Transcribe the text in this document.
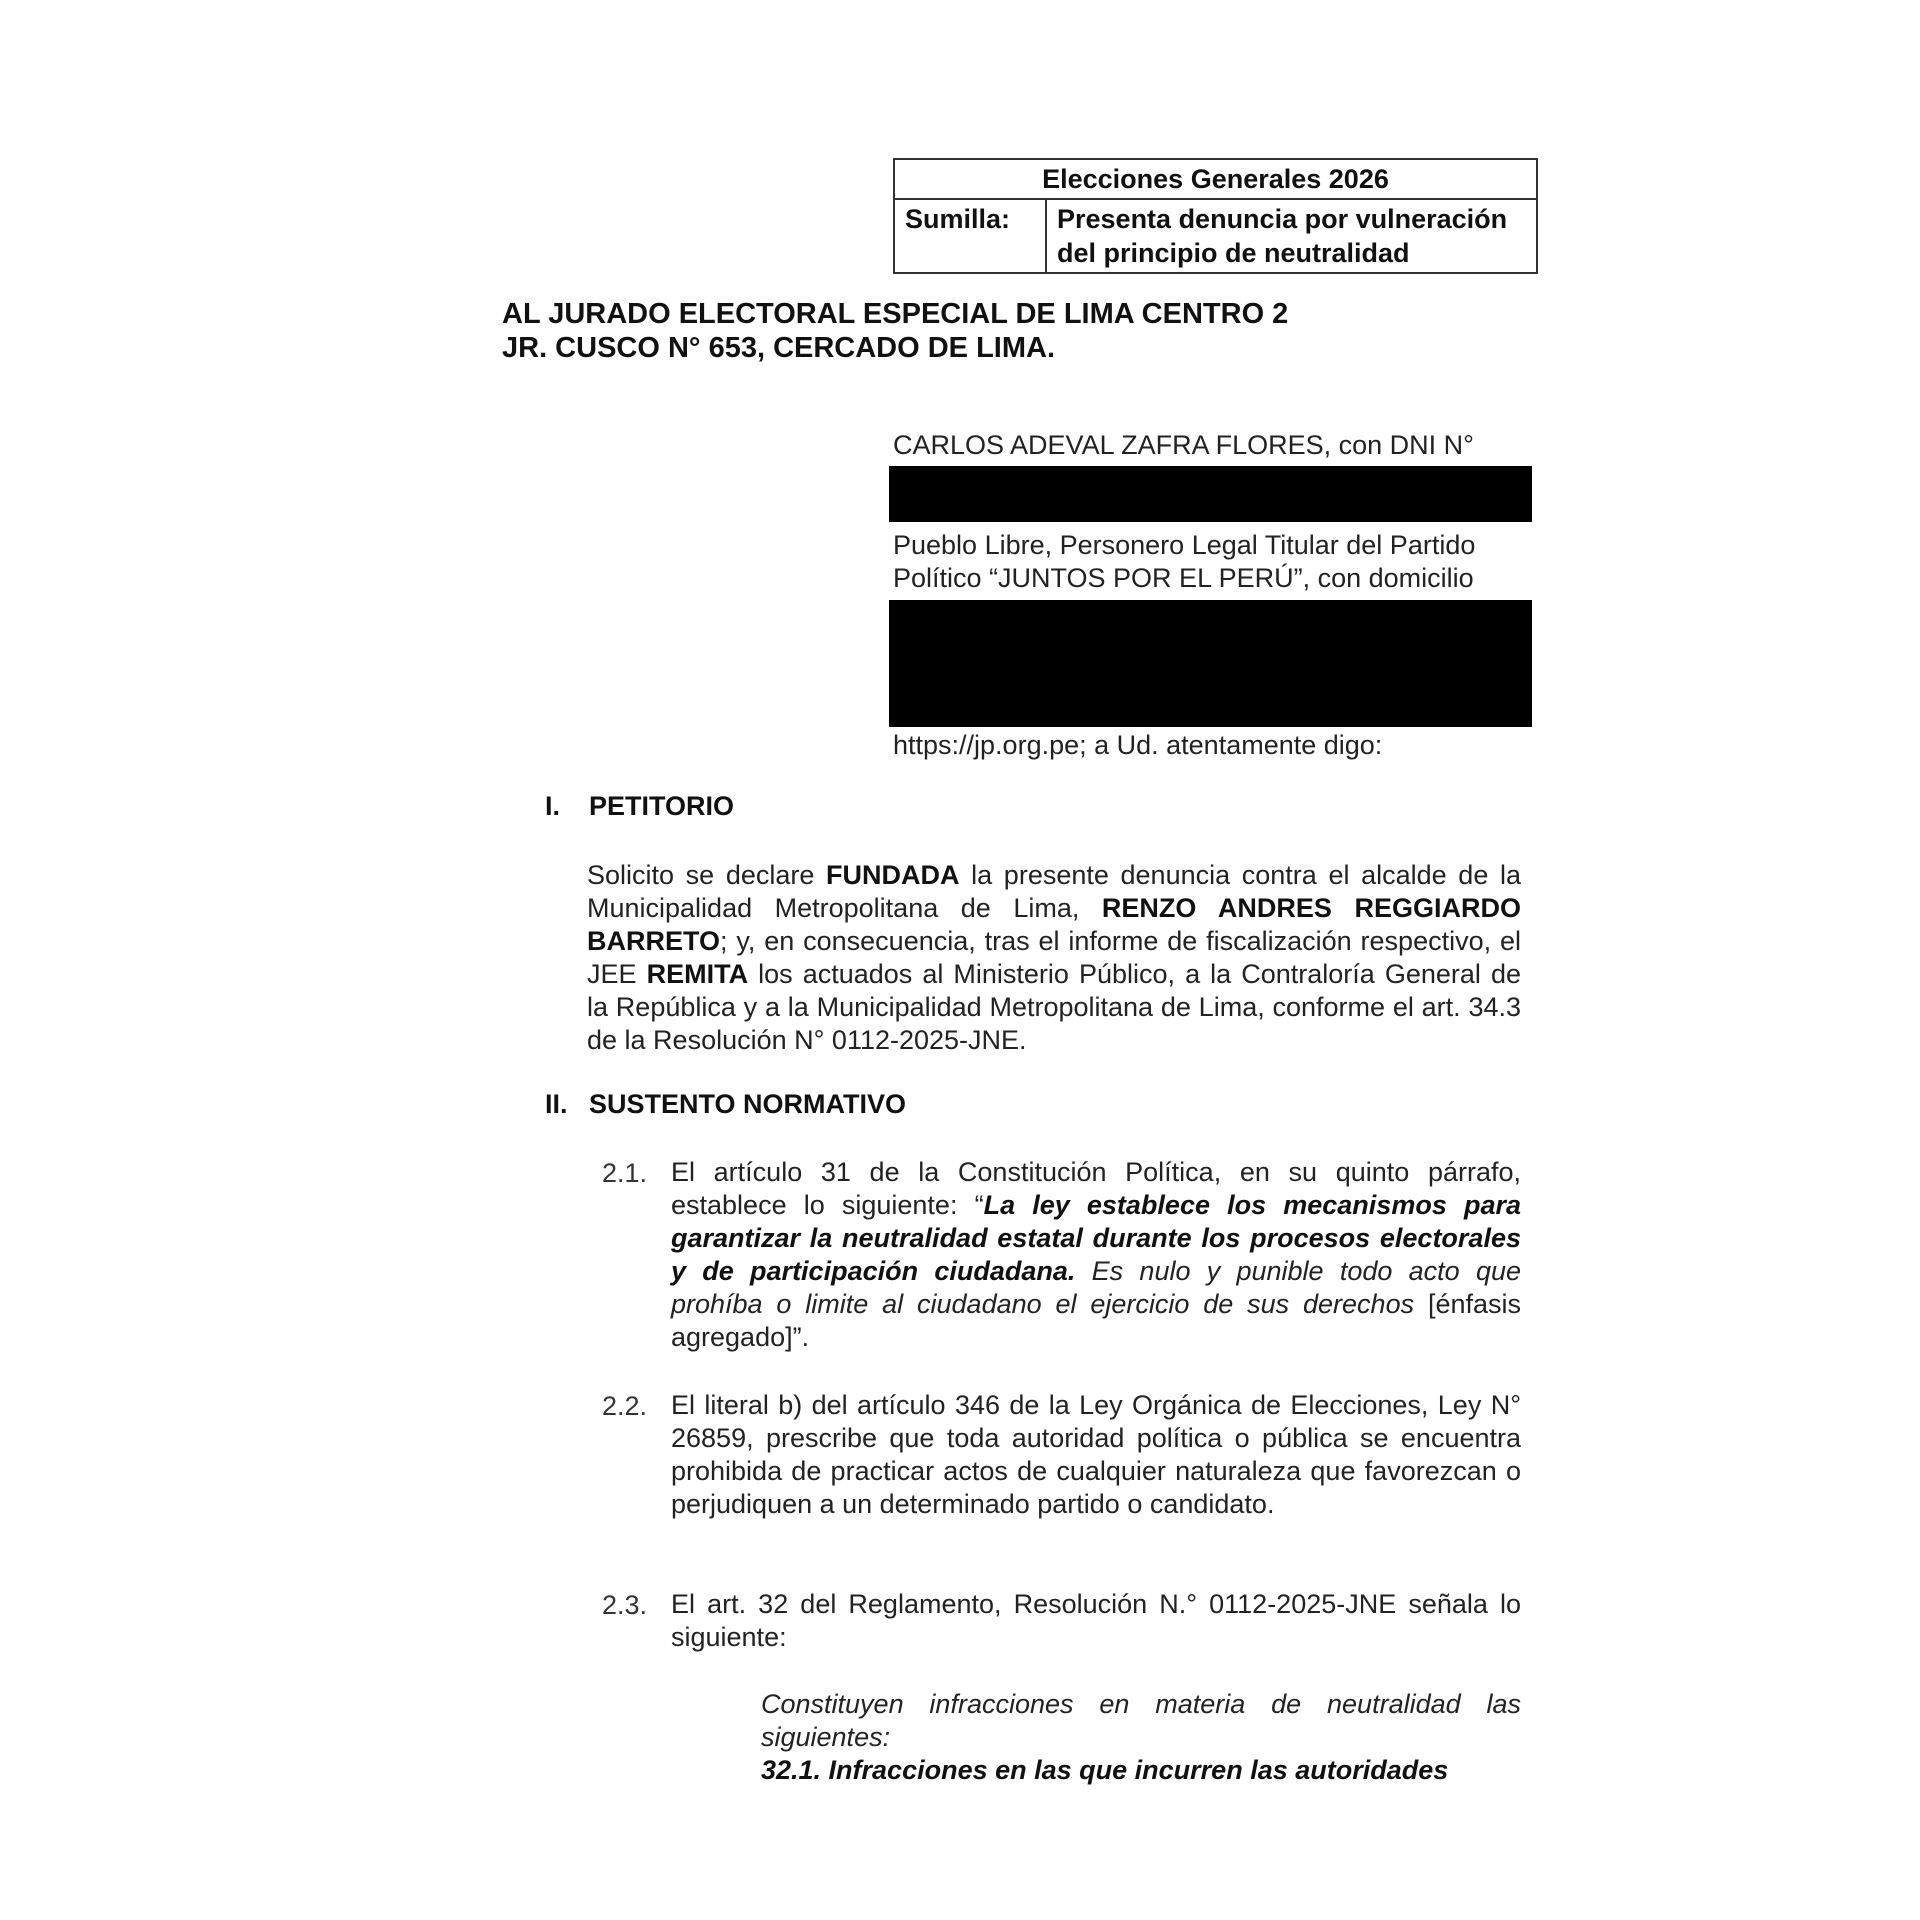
Elecciones Generales 2026
Sumilla:	Presenta denuncia por vulneración
del principio de neutralidad
AL JURADO ELECTORAL ESPECIAL DE LIMA CENTRO 2
JR. CUSCO N° 653, CERCADO DE LIMA.
CARLOS ADEVAL ZAFRA FLORES, con DNI N°
Pueblo Libre, Personero Legal Titular del Partido
Político “JUNTOS POR EL PERÚ”, con domicilio
https://jp.org.pe; a Ud. atentamente digo:
I. PETITORIO
Solicito se declare FUNDADA la presente denuncia contra el alcalde de la Municipalidad Metropolitana de Lima, RENZO ANDRES REGGIARDO BARRETO; y, en consecuencia, tras el informe de fiscalización respectivo, el JEE REMITA los actuados al Ministerio Público, a la Contraloría General de la República y a la Municipalidad Metropolitana de Lima, conforme el art. 34.3 de la Resolución N° 0112-2025-JNE.
II. SUSTENTO NORMATIVO
2.1. El artículo 31 de la Constitución Política, en su quinto párrafo, establece lo siguiente: “La ley establece los mecanismos para garantizar la neutralidad estatal durante los procesos electorales y de participación ciudadana. Es nulo y punible todo acto que prohíba o limite al ciudadano el ejercicio de sus derechos [énfasis agregado]”.
2.2. El literal b) del artículo 346 de la Ley Orgánica de Elecciones, Ley N° 26859, prescribe que toda autoridad política o pública se encuentra prohibida de practicar actos de cualquier naturaleza que favorezcan o perjudiquen a un determinado partido o candidato.
2.3. El art. 32 del Reglamento, Resolución N.° 0112-2025-JNE señala lo siguiente:
Constituyen infracciones en materia de neutralidad las siguientes:
32.1. Infracciones en las que incurren las autoridades
